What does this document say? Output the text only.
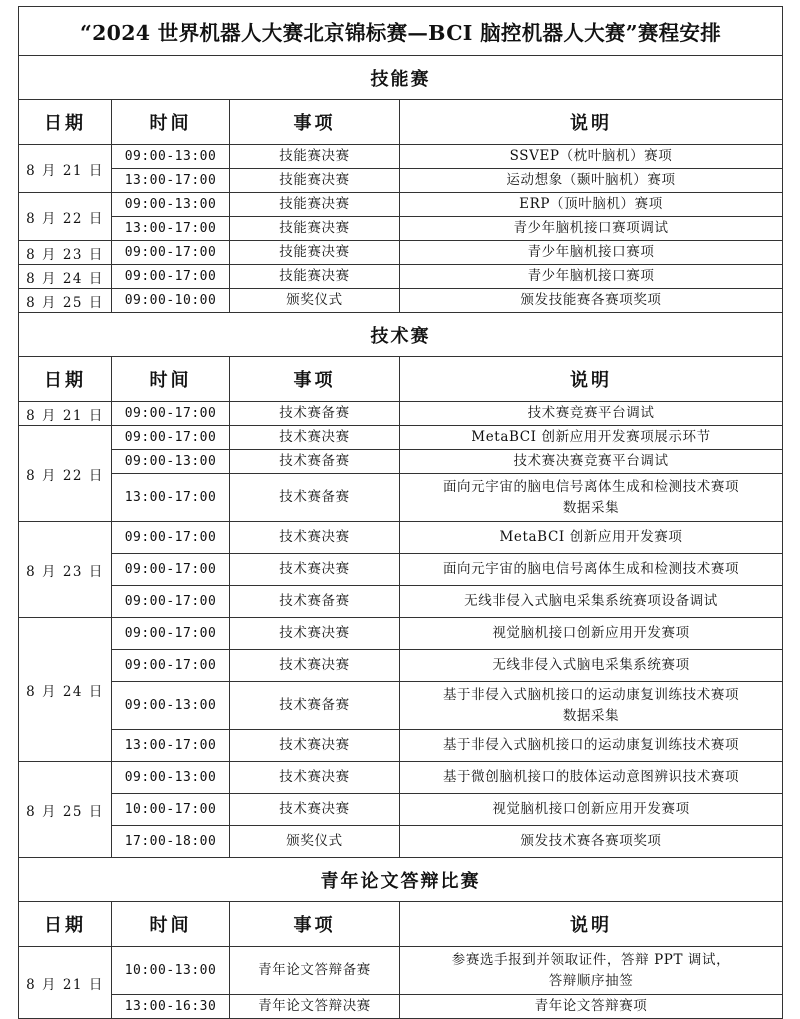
“2024 世界机器人大赛北京锦标赛—BCI 脑控机器人大赛”赛程安排			
技能赛			
日期	时间	事项	说明
8 月 21 日	09:00-13:00	技能赛决赛	SSVEP（枕叶脑机）赛项

	13:00-17:00	技能赛决赛	运动想象（颞叶脑机）赛项

8 月 22 日	09:00-13:00	技能赛决赛	ERP（顶叶脑机）赛项

	13:00-17:00	技能赛决赛	青少年脑机接口赛项调试

8 月 23 日	09:00-17:00	技能赛决赛	青少年脑机接口赛项

8 月 24 日	09:00-17:00	技能赛决赛	青少年脑机接口赛项

8 月 25 日	09:00-10:00	颁奖仪式	颁发技能赛各赛项奖项

技术赛			
日期	时间	事项	说明
8 月 21 日	09:00-17:00	技术赛备赛	技术赛竞赛平台调试

8 月 22 日	09:00-17:00	技术赛决赛	MetaBCI 创新应用开发赛项展示环节

	09:00-13:00	技术赛备赛	技术赛决赛竞赛平台调试

	13:00-17:00	技术赛备赛	面向元宇宙的脑电信号离体生成和检测技术赛项
数据采集

8 月 23 日	09:00-17:00	技术赛决赛	MetaBCI 创新应用开发赛项

	09:00-17:00	技术赛决赛	面向元宇宙的脑电信号离体生成和检测技术赛项

	09:00-17:00	技术赛备赛	无线非侵入式脑电采集系统赛项设备调试

8 月 24 日	09:00-17:00	技术赛决赛	视觉脑机接口创新应用开发赛项

	09:00-17:00	技术赛决赛	无线非侵入式脑电采集系统赛项

	09:00-13:00	技术赛备赛	基于非侵入式脑机接口的运动康复训练技术赛项
数据采集

	13:00-17:00	技术赛决赛	基于非侵入式脑机接口的运动康复训练技术赛项

8 月 25 日	09:00-13:00	技术赛决赛	基于微创脑机接口的肢体运动意图辨识技术赛项

	10:00-17:00	技术赛决赛	视觉脑机接口创新应用开发赛项

	17:00-18:00	颁奖仪式	颁发技术赛各赛项奖项

青年论文答辩比赛			
日期	时间	事项	说明
8 月 21 日	10:00-13:00	青年论文答辩备赛	参赛选手报到并领取证件，答辩 PPT 调试，
答辩顺序抽签

	13:00-16:30	青年论文答辩决赛	青年论文答辩赛项
